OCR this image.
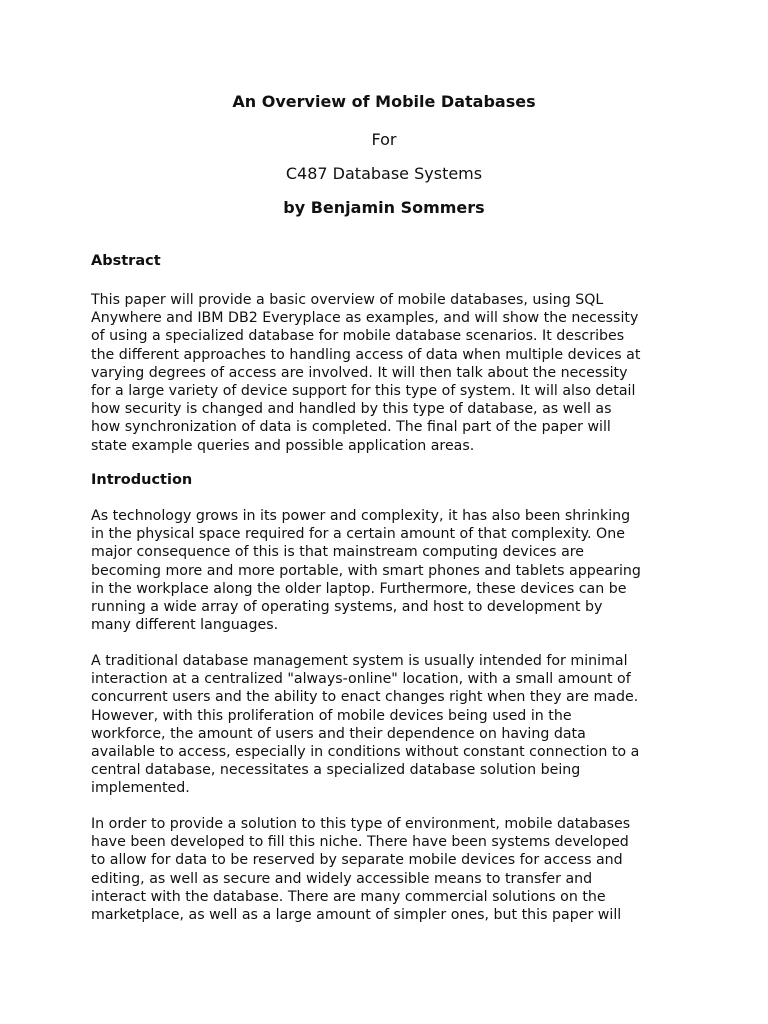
An Overview of Mobile Databases

For

C487 Database Systems

by Benjamin Sommers

Abstract

This paper will provide a basic overview of mobile databases, using SQL
Anywhere and IBM DB2 Everyplace as examples, and will show the necessity
of using a specialized database for mobile database scenarios. It describes
the different approaches to handling access of data when multiple devices at
varying degrees of access are involved. It will then talk about the necessity
for a large variety of device support for this type of system. It will also detail
how security is changed and handled by this type of database, as well as
how synchronization of data is completed. The final part of the paper will
state example queries and possible application areas.

Introduction

As technology grows in its power and complexity, it has also been shrinking
in the physical space required for a certain amount of that complexity. One
major consequence of this is that mainstream computing devices are
becoming more and more portable, with smart phones and tablets appearing
in the workplace along the older laptop. Furthermore, these devices can be
running a wide array of operating systems, and host to development by
many different languages.

A traditional database management system is usually intended for minimal
interaction at a centralized "always-online" location, with a small amount of
concurrent users and the ability to enact changes right when they are made.
However, with this proliferation of mobile devices being used in the
workforce, the amount of users and their dependence on having data
available to access, especially in conditions without constant connection to a
central database, necessitates a specialized database solution being
implemented.

In order to provide a solution to this type of environment, mobile databases
have been developed to fill this niche. There have been systems developed
to allow for data to be reserved by separate mobile devices for access and
editing, as well as secure and widely accessible means to transfer and
interact with the database. There are many commercial solutions on the
marketplace, as well as a large amount of simpler ones, but this paper will
